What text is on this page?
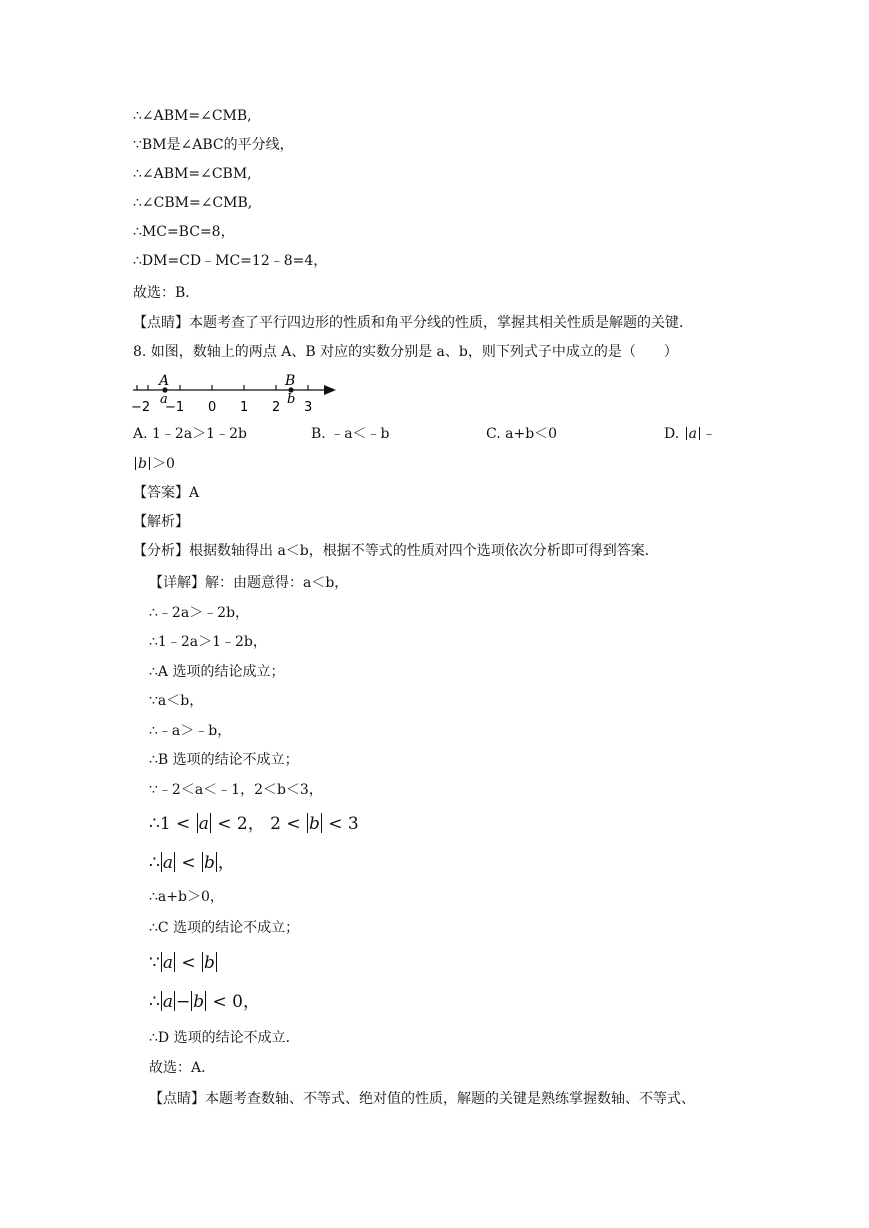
∴∠ABM=∠CMB,
∵BM是∠ABC的平分线，
∴∠ABM=∠CBM,
∴∠CBM=∠CMB,
∴MC=BC=8，
∴DM=CD﹣MC=12﹣8=4，
故选：B．
【点睛】本题考查了平行四边形的性质和角平分线的性质，掌握其相关性质是解题的关键．
8. 如图，数轴上的两点 A、B 对应的实数分别是 a、b，则下列式子中成立的是（　　）
A
a
B
b
−2 −1 0 1 2 3
A. 1﹣2a＞1﹣2b	B. ﹣a＜﹣b	C. a+b＜0	D. a ﹣
b ＞0
【答案】A
【解析】
【分析】根据数轴得出 a＜b，根据不等式的性质对四个选项依次分析即可得到答案．
【详解】解：由题意得：a＜b，
∴﹣2a＞﹣2b，
∴1﹣2a＞1﹣2b，
∴A 选项的结论成立；
∵a＜b，
∴﹣a＞﹣b，
∴B 选项的结论不成立；
∵﹣2＜a＜﹣1，2＜b＜3，
∴1 < a < 2， 2 < b < 3
∴ a < b ，
∴a+b＞0，
∴C 选项的结论不成立；
∵ a < b
∴ a − b < 0，
∴D 选项的结论不成立．
故选：A．
【点睛】本题考查数轴、不等式、绝对值的性质，解题的关键是熟练掌握数轴、不等式、
